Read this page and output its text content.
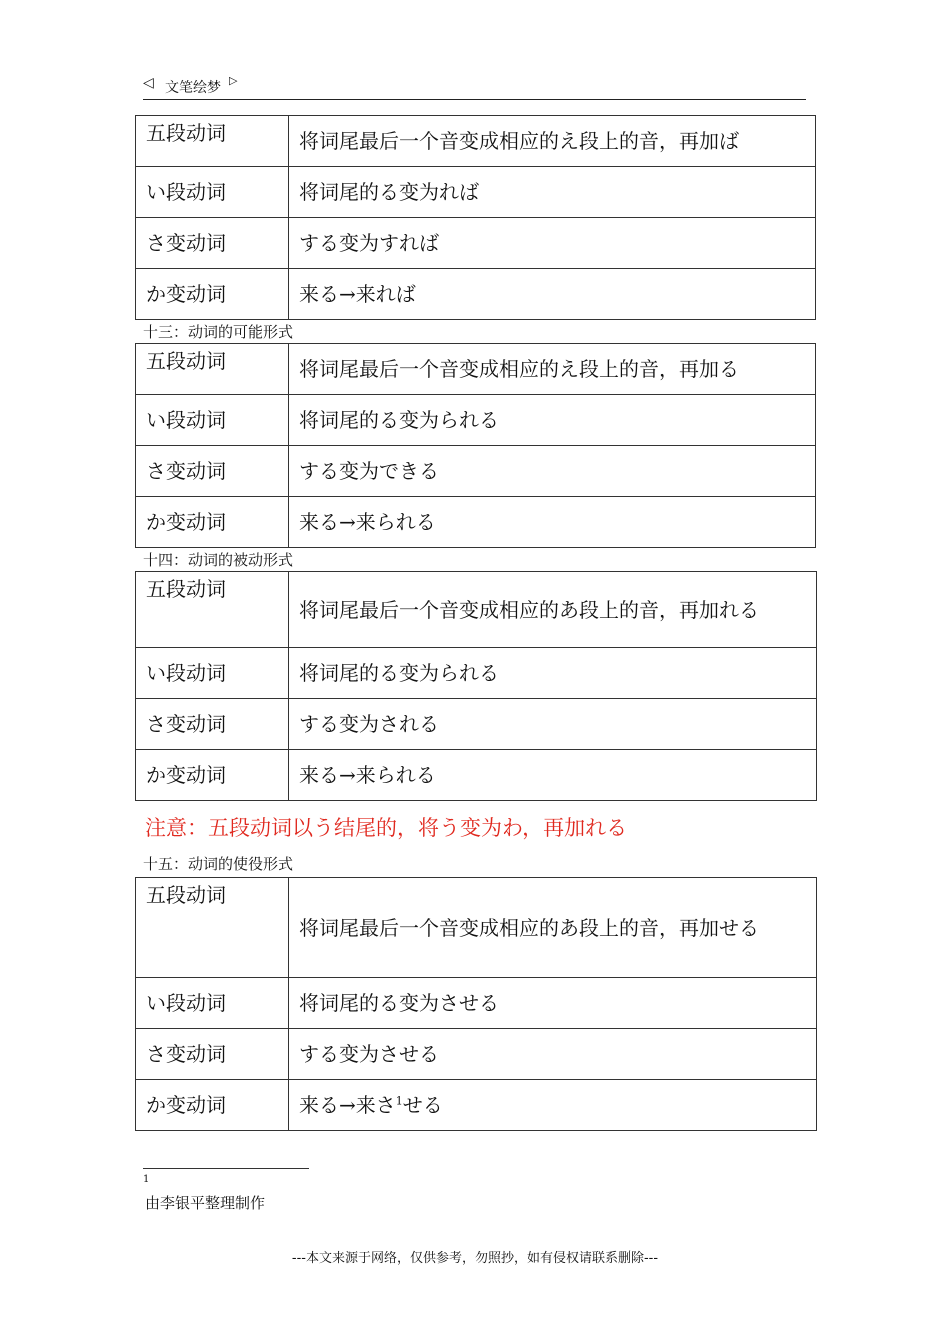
◁ 文笔绘梦 ▷
五段动词	将词尾最后一个音变成相应的え段上的音，再加ば
い段动词	将词尾的る变为れば
さ变动词	する变为すれば
か变动词	来る→来れば
十三：动词的可能形式
五段动词	将词尾最后一个音变成相应的え段上的音，再加る
い段动词	将词尾的る变为られる
さ变动词	する变为できる
か变动词	来る→来られる
十四：动词的被动形式
五段动词	将词尾最后一个音变成相应的あ段上的音，再加れる
い段动词	将词尾的る变为られる
さ变动词	する变为される
か变动词	来る→来られる
注意：五段动词以う结尾的，将う变为わ，再加れる
十五：动词的使役形式
五段动词	将词尾最后一个音变成相应的あ段上的音，再加せる
い段动词	将词尾的る变为させる
さ变动词	する变为させる
か变动词	来る→来さ$^1$せる
1
由李银平整理制作
---本文来源于网络，仅供参考，勿照抄，如有侵权请联系删除---
